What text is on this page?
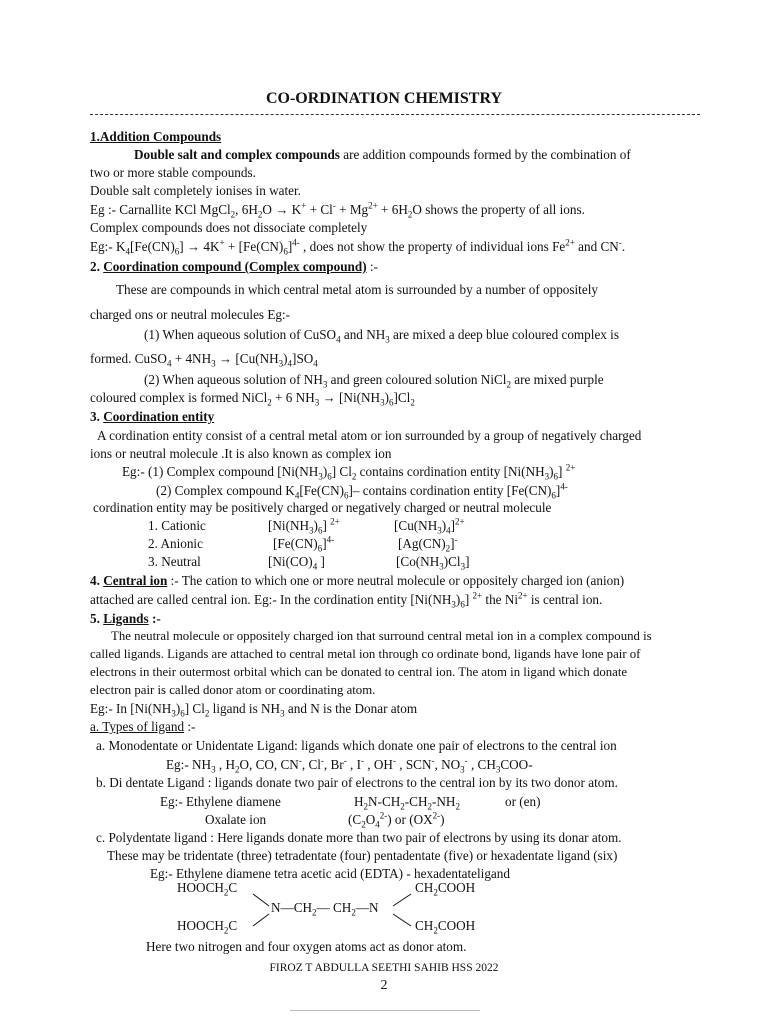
CO-ORDINATION CHEMISTRY
1.Addition Compounds
Double salt and complex compounds are addition compounds formed by the combination of
two or more stable compounds.
Double salt completely ionises in water.
Eg :- Carnallite KCl MgCl$_2$, $6H_2O \to K^+ + Cl^- + Mg^{2+} + 6H_2O$ shows the property of all ions.
Complex compounds does not dissociate completely
Eg:- $K_4[Fe(CN)_6] \to 4K^+ + [Fe(CN)_6]^{4-}$ , does not show the property of individual ions $Fe^{2+}$ and CN-.
2. Coordination compound (Complex compound) :-
These are compounds in which central metal atom is surrounded by a number of oppositely
charged ons or neutral molecules Eg:-
(1) When aqueous solution of CuSO$_4$ and $NH_3$ are mixed a deep blue coloured complex is
formed. CuSO$_4$ + $4NH_3 \to [Cu(NH_3)_4]SO_4$
(2) When aqueous solution of $NH_3$ and green coloured solution NiCl$_2$ are mixed purple
coloured complex is formed NiCl$_2$ + 6 $NH_3 \to [Ni(NH_3)_6]Cl_2$
3. Coordination entity
A cordination entity consist of a central metal atom or ion surrounded by a group of negatively charged
ions or neutral molecule .It is also known as complex ion
Eg:- (1) Complex compound $[Ni(NH_3)_6]$ $Cl_2$ contains cordination entity $[Ni(NH_3)_6]$ $^{2+}$
(2) Complex compound $K_4[Fe(CN)_6]-$ contains cordination entity $[Fe(CN)_6]^{4-}$
cordination entity may be positively charged or negatively charged or neutral molecule
1. Cationic	$[Ni(NH_3)_6]$ $^{2+}$	$[Cu(NH_3)_4]^{2+}$
2. Anionic	$[Fe(CN)_6]^{4-}$	$[Ag(CN)_2]^-$
3. Neutral	[$Ni(CO)_4$ ]	$[Co(NH_3)Cl_3]$
4. Central ion :- The cation to which one or more neutral molecule or oppositely charged ion (anion)
attached are called central ion. Eg:- In the cordination entity $[Ni(NH_3)_6]$ $^{2+}$ the $Ni^{2+}$ is central ion.
5. Ligands :-
The neutral molecule or oppositely charged ion that surround central metal ion in a complex compound is
called ligands. Ligands are attached to central metal ion through co ordinate bond, ligands have lone pair of
electrons in their outermost orbital which can be donated to central ion. The atom in ligand which donate
electron pair is called donor atom or coordinating atom.
Eg:- In $[Ni(NH_3)_6]$ $Cl_2$ ligand is $NH_3$ and N is the Donar atom
a. Types of ligand :-
a. Monodentate or Unidentate Ligand: ligands which donate one pair of electrons to the central ion
Eg:- $NH_3$ , $H_2O$, CO, CN-, Cl-, Br- , I- , OH- , SCN-, $NO_3^-$ , $CH_3COO-$
b. Di dentate Ligand : ligands donate two pair of electrons to the central ion by its two donor atom.
Eg:- Ethylene diamene	$H_2N-CH_2-CH_2-NH_2$	or (en)
Oxalate ion	$(C_2O_4^{2-})$ or $(OX^{2-})$
c. Polydentate ligand : Here ligands donate more than two pair of electrons by using its donar atom.
These may be tridentate (three) tetradentate (four) pentadentate (five) or hexadentate ligand (six)
Eg:- Ethylene diamene tetra acetic acid (EDTA) - hexadentateligand
$HOOCH_2C$
$HOOCH_2C$
$N—CH_2—$ $CH_2—N$
$CH_2COOH$
$CH_2COOH$
Here two nitrogen and four oxygen atoms act as donor atom.
FIROZ T ABDULLA SEETHI SAHIB HSS 2022
2
